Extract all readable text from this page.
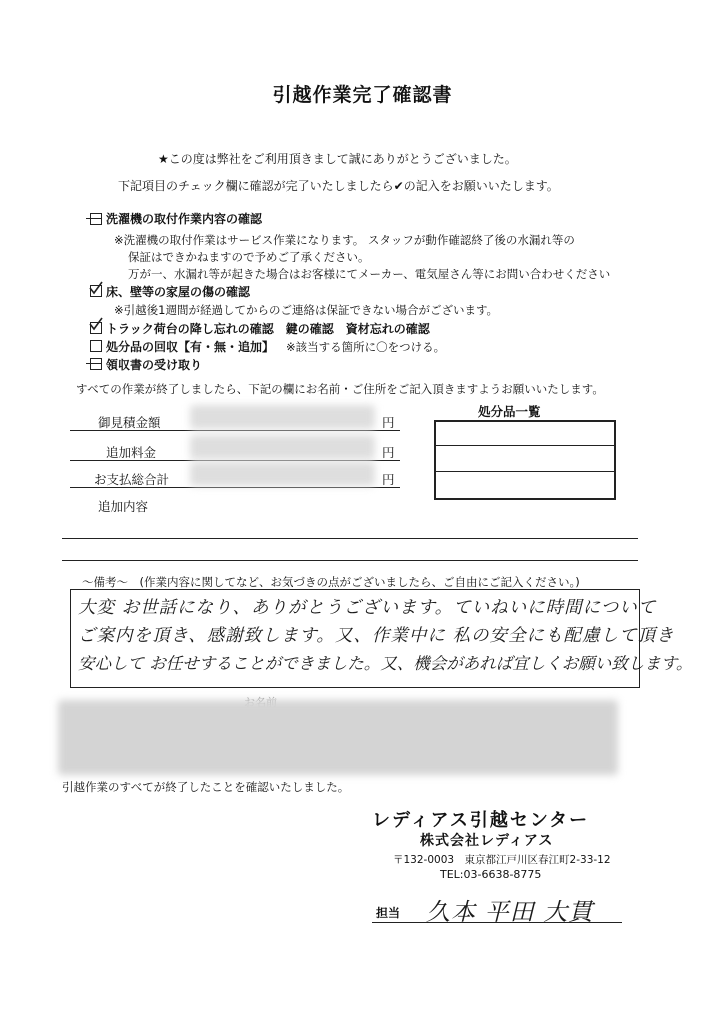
引越作業完了確認書
★この度は弊社をご利用頂きまして誠にありがとうございました。
下記項目のチェック欄に確認が完了いたしましたら✔の記入をお願いいたします。
洗濯機の取付作業内容の確認
※洗濯機の取付作業はサービス作業になります。 スタッフが動作確認終了後の水漏れ等の
保証はできかねますので予めご了承ください。
万が一、水漏れ等が起きた場合はお客様にてメーカー、電気屋さん等にお問い合わせください
床、壁等の家屋の傷の確認
※引越後1週間が経過してからのご連絡は保証できない場合がございます。
トラック荷台の降し忘れの確認　鍵の確認　資材忘れの確認
処分品の回収【有・無・追加】 ※該当する箇所に〇をつける。
領収書の受け取り
すべての作業が終了しましたら、下記の欄にお名前・ご住所をご記入頂きますようお願いいたします。
御見積金額	円
追加料金	円
お支払総合計	円
追加内容
処分品一覧
～備考～　(作業内容に関してなど、お気づきの点がございましたら、ご自由にご記入ください。)
大変 お世話になり、ありがとうございます。ていねいに時間について
ご案内を頂き、感謝致します。又、作業中に 私の安全にも配慮して頂き
安心して お任せすることができました。又、機会があれば宜しくお願い致します。
引越作業のすべてが終了したことを確認いたしました。
レディアス引越センター
株式会社レディアス
〒132-0003　東京都江戸川区春江町2-33-12
TEL:03-6638-8775
担当 久本 平田 大貫
